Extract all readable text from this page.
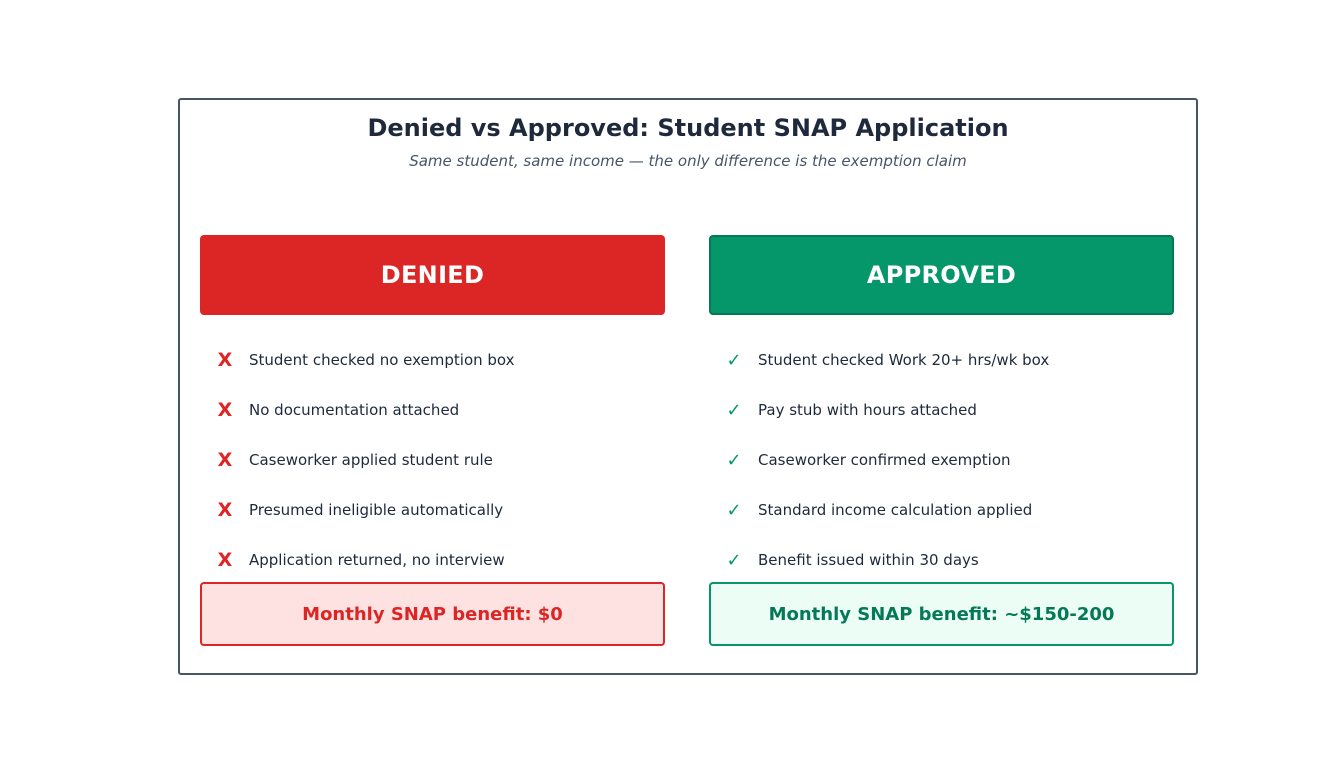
Denied vs Approved: Student SNAP Application
Same student, same income — the only difference is the exemption claim
DENIED	APPROVED
X	Student checked no exemption box
X	No documentation attached
X	Caseworker applied student rule
X	Presumed ineligible automatically
X	Application returned, no interview
✓	Student checked Work 20+ hrs/wk box
✓	Pay stub with hours attached
✓	Caseworker confirmed exemption
✓	Standard income calculation applied
✓	Benefit issued within 30 days
Monthly SNAP benefit: $0	Monthly SNAP benefit: ~$150-200
